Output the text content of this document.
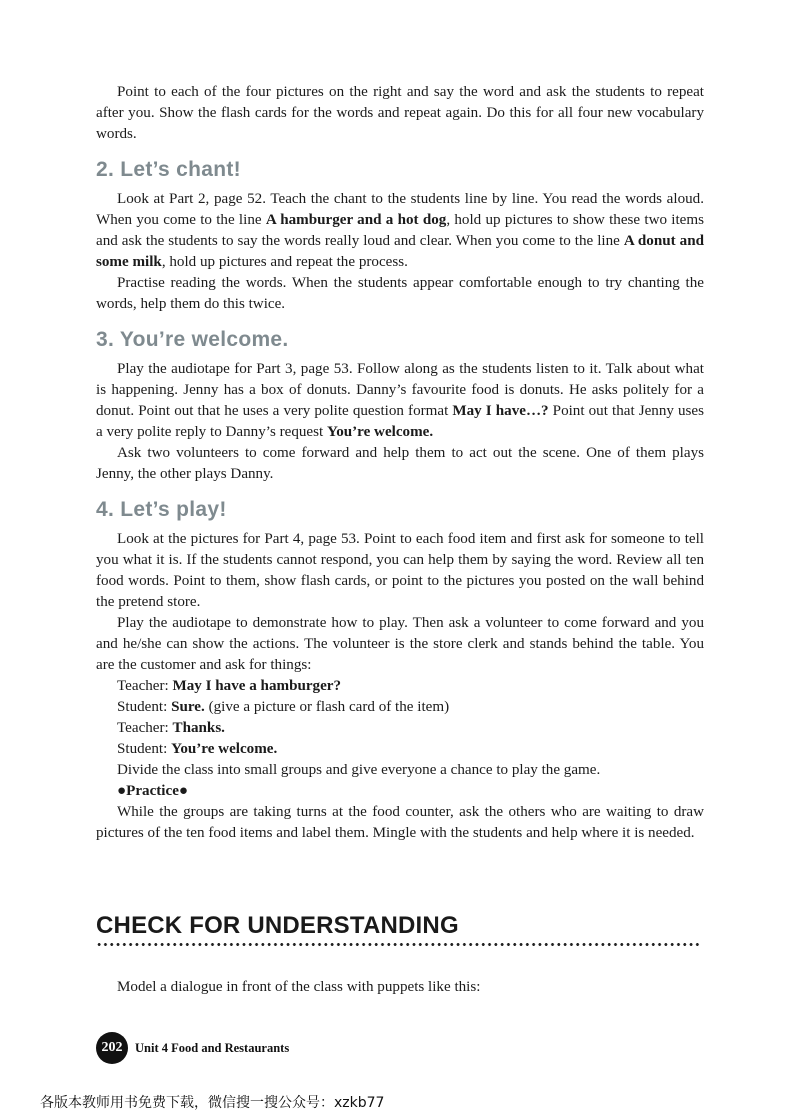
Point to each of the four pictures on the right and say the word and ask the students to repeat after you. Show the flash cards for the words and repeat again. Do this for all four new vocabulary words.

2. Let’s chant!

Look at Part 2, page 52. Teach the chant to the students line by line. You read the words aloud. When you come to the line A hamburger and a hot dog, hold up pictures to show these two items and ask the students to say the words really loud and clear. When you come to the line A donut and some milk, hold up pictures and repeat the process.

Practise reading the words. When the students appear comfortable enough to try chanting the words, help them do this twice.

3. You’re welcome.

Play the audiotape for Part 3, page 53. Follow along as the students listen to it. Talk about what is happening. Jenny has a box of donuts. Danny’s favourite food is donuts. He asks politely for a donut. Point out that he uses a very polite question format May I have…? Point out that Jenny uses a very polite reply to Danny’s request You’re welcome.

Ask two volunteers to come forward and help them to act out the scene. One of them plays Jenny, the other plays Danny.

4. Let’s play!

Look at the pictures for Part 4, page 53. Point to each food item and first ask for someone to tell you what it is. If the students cannot respond, you can help them by saying the word. Review all ten food words. Point to them, show flash cards, or point to the pictures you posted on the wall behind the pretend store.

Play the audiotape to demonstrate how to play. Then ask a volunteer to come forward and you and he/she can show the actions. The volunteer is the store clerk and stands behind the table. You are the customer and ask for things:

Teacher: May I have a hamburger?

Student: Sure. (give a picture or flash card of the item)

Teacher: Thanks.

Student: You’re welcome.

Divide the class into small groups and give everyone a chance to play the game.

●Practice●

While the groups are taking turns at the food counter, ask the others who are waiting to draw pictures of the ten food items and label them. Mingle with the students and help where it is needed.

CHECK FOR UNDERSTANDING

Model a dialogue in front of the class with puppets like this:

202	Unit 4 Food and Restaurants
各版本教师用书免费下载，微信搜一搜公众号：xzkb77
